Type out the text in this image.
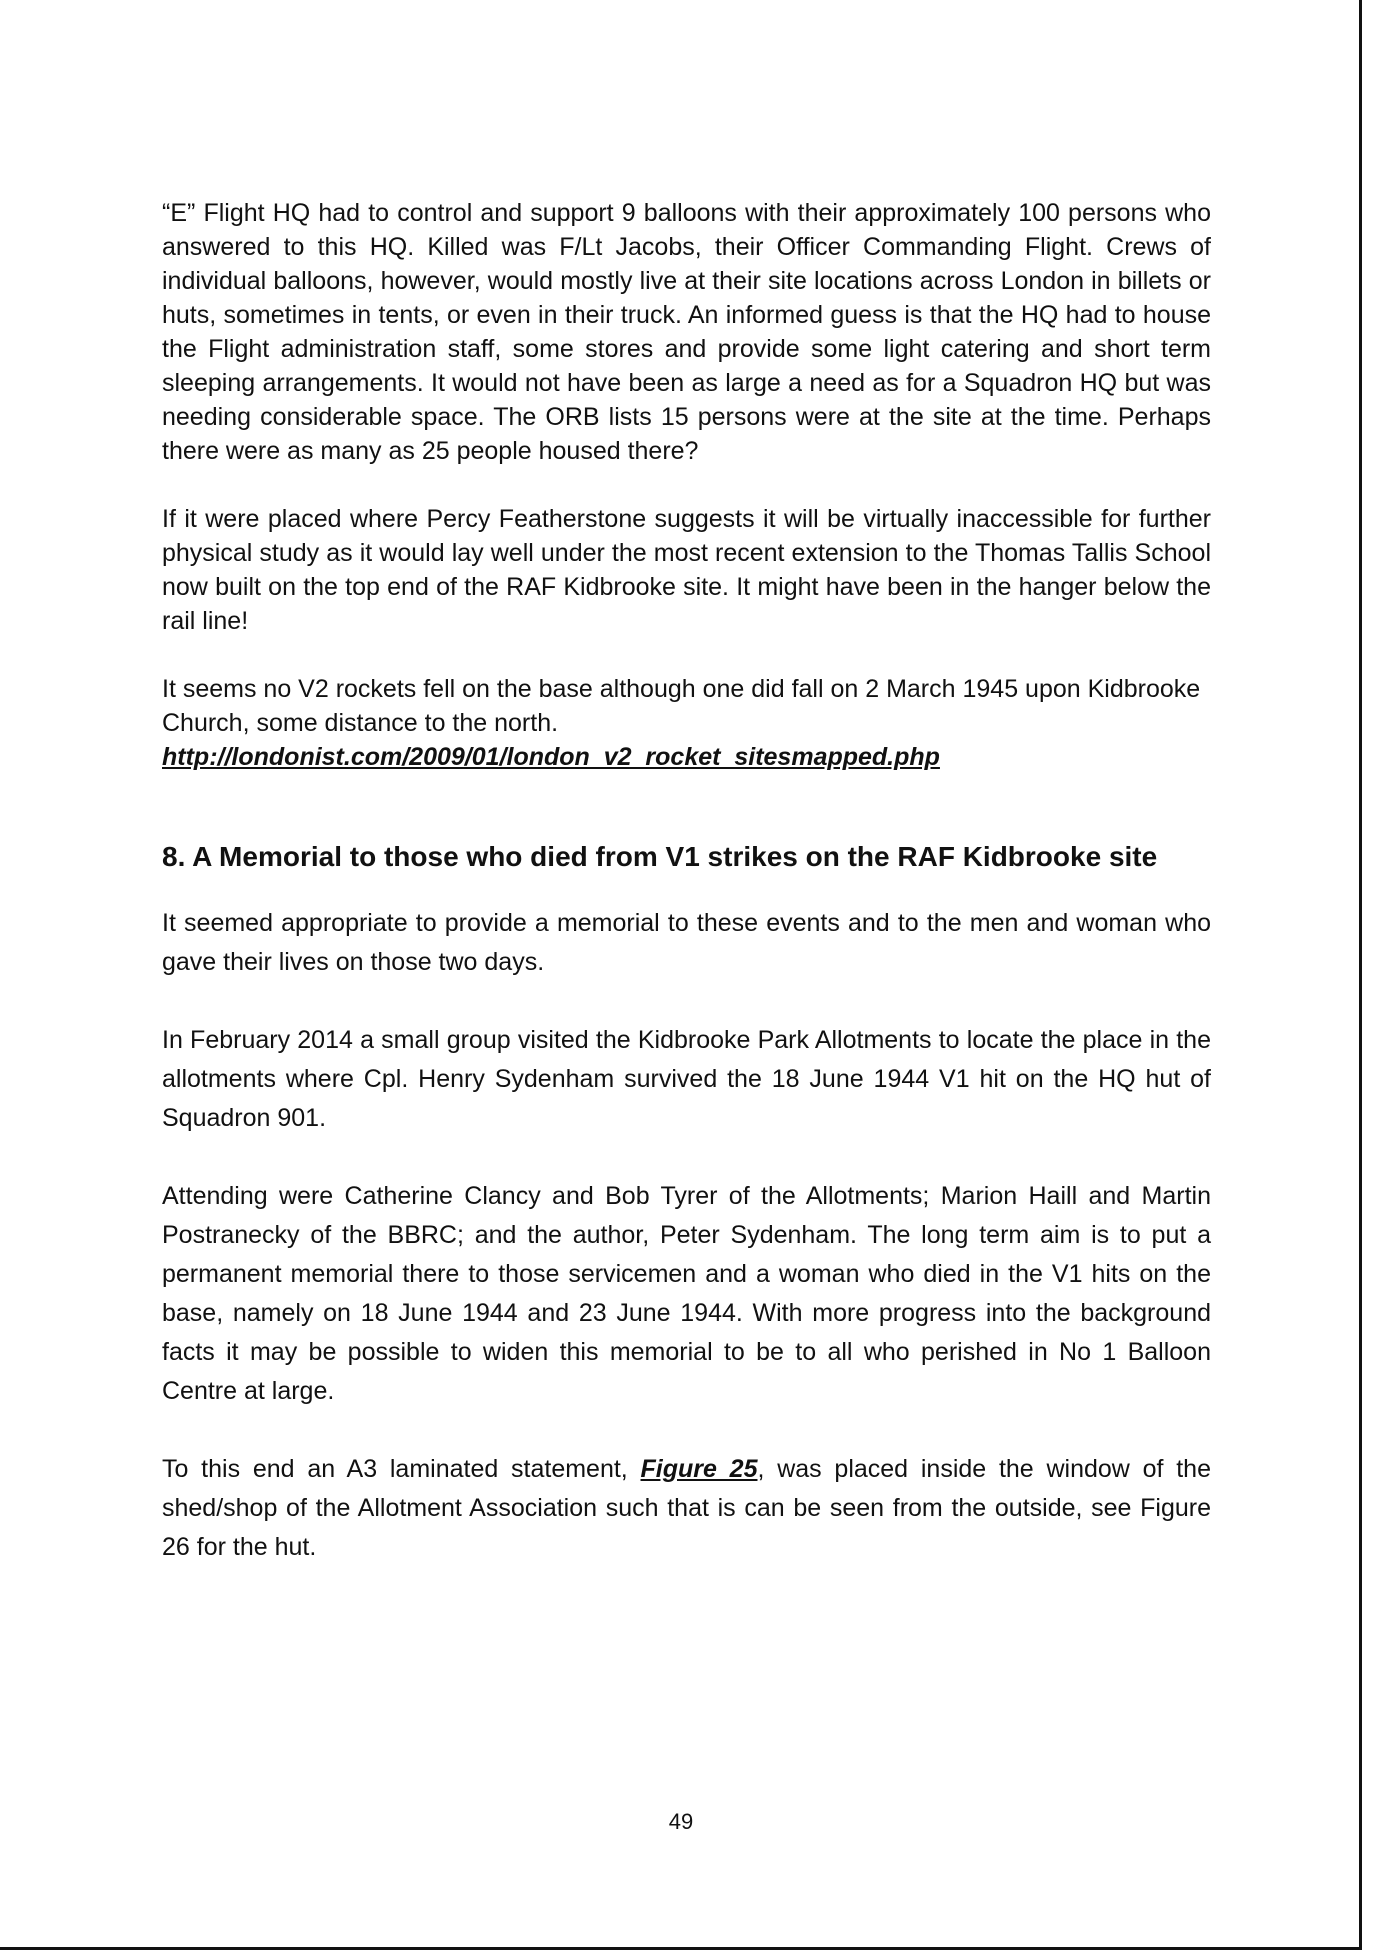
“E” Flight HQ had to control and support 9 balloons with their approximately 100 persons who answered to this HQ. Killed was F/Lt Jacobs, their Officer Commanding Flight. Crews of individual balloons, however, would mostly live at their site locations across London in billets or huts, sometimes in tents, or even in their truck. An informed guess is that the HQ had to house the Flight administration staff, some stores and provide some light catering and short term sleeping arrangements. It would not have been as large a need as for a Squadron HQ but was needing considerable space. The ORB lists 15 persons were at the site at the time. Perhaps there were as many as 25 people housed there?

If it were placed where Percy Featherstone suggests it will be virtually inaccessible for further physical study as it would lay well under the most recent extension to the Thomas Tallis School now built on the top end of the RAF Kidbrooke site. It might have been in the hanger below the rail line!

It seems no V2 rockets fell on the base although one did fall on 2 March 1945 upon Kidbrooke Church, some distance to the north.

http://londonist.com/2009/01/london_v2_rocket_sitesmapped.php
8. A Memorial to those who died from V1 strikes on the RAF Kidbrooke site

It seemed appropriate to provide a memorial to these events and to the men and woman who gave their lives on those two days.

In February 2014 a small group visited the Kidbrooke Park Allotments to locate the place in the allotments where Cpl. Henry Sydenham survived the 18 June 1944 V1 hit on the HQ hut of Squadron 901.

Attending were Catherine Clancy and Bob Tyrer of the Allotments; Marion Haill and Martin Postranecky of the BBRC; and the author, Peter Sydenham. The long term aim is to put a permanent memorial there to those servicemen and a woman who died in the V1 hits on the base, namely on 18 June 1944 and 23 June 1944. With more progress into the background facts it may be possible to widen this memorial to be to all who perished in No 1 Balloon Centre at large.

To this end an A3 laminated statement, Figure 25, was placed inside the window of the shed/shop of the Allotment Association such that is can be seen from the outside, see Figure 26 for the hut.

49
